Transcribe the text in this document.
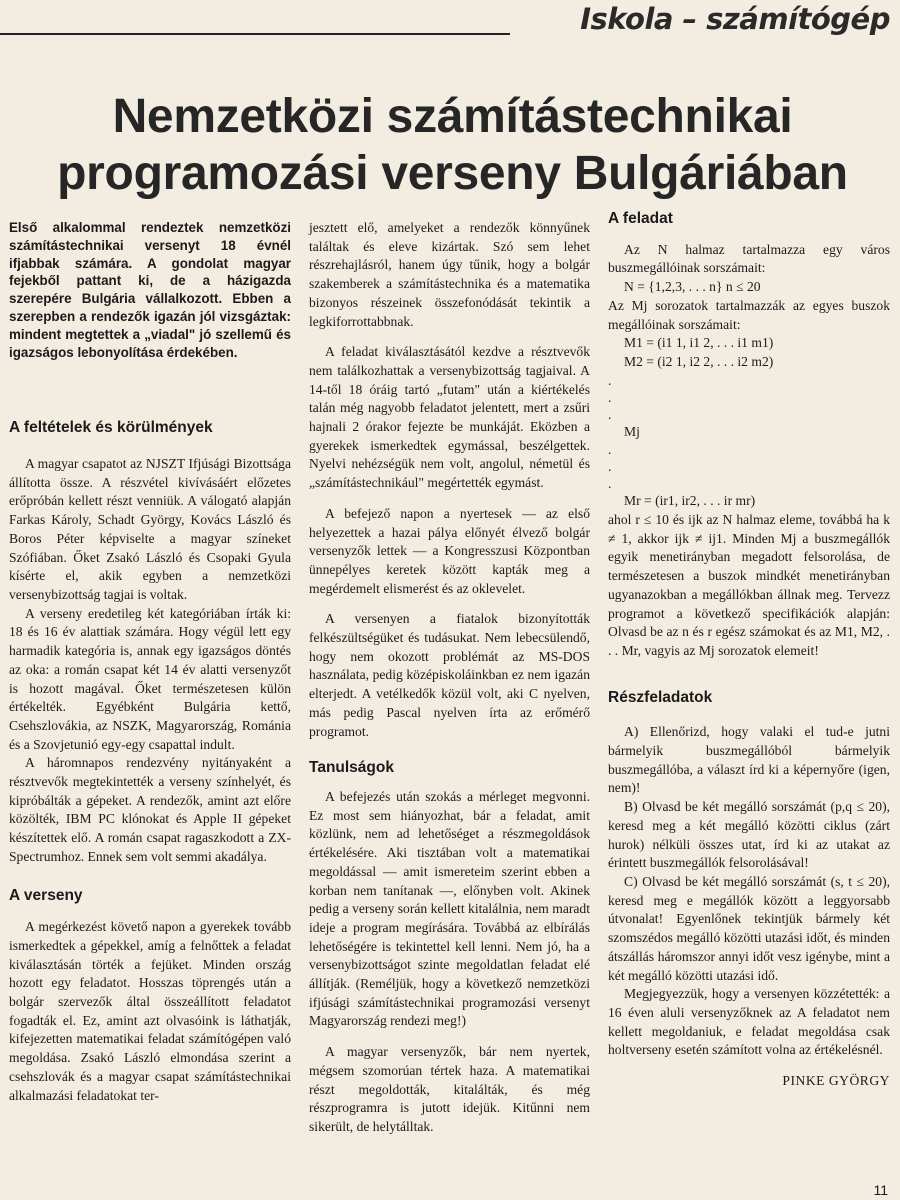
Iskola – számítógép
Nemzetközi számítástechnikai
programozási verseny Bulgáriában

Első alkalommal rendeztek nemzetközi számítástechnikai versenyt 18 évnél ifjabbak számára. A gondolat magyar fejekből pattant ki, de a házigazda szerepére Bulgária vállalkozott. Ebben a szerepben a rendezők igazán jól vizsgáztak: mindent megtettek a „viadal" jó szellemű és igazságos lebonyolítása érdekében.

A feltételek és körülmények

A magyar csapatot az NJSZT Ifjúsági Bizottsága állította össze. A részvétel kivívásáért előzetes erőpróbán kellett részt venniük. A válogató alapján Farkas Károly, Schadt György, Kovács László és Boros Péter képviselte a magyar színeket Szófiában. Őket Zsakó László és Csopaki Gyula kísérte el, akik egyben a nemzetközi versenybizottság tagjai is voltak.

A verseny eredetileg két kategóriában írták ki: 18 és 16 év alattiak számára. Hogy végül lett egy harmadik kategória is, annak egy igazságos döntés az oka: a román csapat két 14 év alatti versenyzőt is hozott magával. Őket természetesen külön értékelték. Egyébként Bulgária kettő, Csehszlovákia, az NSZK, Magyarország, Románia és a Szovjetunió egy-egy csapattal indult.

A háromnapos rendezvény nyitányaként a résztvevők megtekintették a verseny színhelyét, és kipróbálták a gépeket. A rendezők, amint azt előre közölték, IBM PC klónokat és Apple II gépeket készítettek elő. A román csapat ragaszkodott a ZX-Spectrumhoz. Ennek sem volt semmi akadálya.

A verseny

A megérkezést követő napon a gyerekek tovább ismerkedtek a gépekkel, amíg a felnőttek a feladat kiválasztásán törték a fejüket. Minden ország hozott egy feladatot. Hosszas töprengés után a bolgár szervezők által összeállított feladatot fogadták el. Ez, amint azt olvasóink is láthatják, kifejezetten matematikai feladat számítógépen való megoldása. Zsakó László elmondása szerint a csehszlovák és a magyar csapat számítástechnikai alkalmazási feladatokat ter-

jesztett elő, amelyeket a rendezők könnyűnek találtak és eleve kizártak. Szó sem lehet részrehajlásról, hanem úgy tűnik, hogy a bolgár szakemberek a számítástechnika és a matematika bizonyos részeinek összefonódását tekintik a legkiforrottabbnak.

A feladat kiválasztásától kezdve a résztvevők nem találkozhattak a versenybizottság tagjaival. A 14-től 18 óráig tartó „futam" után a kiértékelés talán még nagyobb feladatot jelentett, mert a zsűri hajnali 2 órakor fejezte be munkáját. Eközben a gyerekek ismerkedtek egymással, beszélgettek. Nyelvi nehézségük nem volt, angolul, németül és „számítástechnikául" megértették egymást.

A befejező napon a nyertesek — az első helyezettek a hazai pálya előnyét élvező bolgár versenyzők lettek — a Kongresszusi Központban ünnepélyes keretek között kapták meg a megérdemelt elismerést és az oklevelet.

A versenyen a fiatalok bizonyították felkészültségüket és tudásukat. Nem lebecsülendő, hogy nem okozott problémát az MS-DOS használata, pedig középiskoláinkban ez nem igazán elterjedt. A vetélkedők közül volt, aki C nyelven, más pedig Pascal nyelven írta az erőmérő programot.

Tanulságok

A befejezés után szokás a mérleget megvonni. Ez most sem hiányozhat, bár a feladat, amit közlünk, nem ad lehetőséget a részmegoldások értékelésére. Aki tisztában volt a matematikai megoldással — amit ismereteim szerint ebben a korban nem tanítanak —, előnyben volt. Akinek pedig a verseny során kellett kitalálnia, nem maradt ideje a program megírására. Továbbá az elbírálás lehetőségére is tekintettel kell lenni. Nem jó, ha a versenybizottságot szinte megoldatlan feladat elé állítják. (Reméljük, hogy a következő nemzetközi ifjúsági számítástechnikai programozási versenyt Magyarország rendezi meg!)

A magyar versenyzők, bár nem nyertek, mégsem szomorúan tértek haza. A matematikai részt megoldották, kitalálták, és még részprogramra is jutott idejük. Kitűnni nem sikerült, de helytálltak.

A feladat

Az N halmaz tartalmazza egy város buszmegállóinak sorszámait:

N = {1,2,3, . . . n} n ≤ 20

Az Mj sorozatok tartalmazzák az egyes buszok megállóinak sorszámait:

M1 = (i1 1, i1 2, . . . i1 m1)

M2 = (i2 1, i2 2, . . . i2 m2)

.
.
.

Mj

.
.
.

Mr = (ir1, ir2, . . . ir mr)

ahol r ≤ 10 és ijk az N halmaz eleme, továbbá ha k ≠ 1, akkor ijk ≠ ij1. Minden Mj a buszmegállók egyik menetirányban megadott felsorolása, de természetesen a buszok mindkét menetirányban ugyanazokban a megállókban állnak meg. Tervezz programot a következő specifikációk alapján: Olvasd be az n és r egész számokat és az M1, M2, . . . Mr, vagyis az Mj sorozatok elemeit!

Részfeladatok

A) Ellenőrizd, hogy valaki el tud-e jutni bármelyik buszmegállóból bármelyik buszmegállóba, a választ írd ki a képernyőre (igen, nem)!

B) Olvasd be két megálló sorszámát (p,q ≤ 20), keresd meg a két megálló közötti ciklus (zárt hurok) nélküli összes utat, írd ki az utakat az érintett buszmegállók felsorolásával!

C) Olvasd be két megálló sorszámát (s, t ≤ 20), keresd meg e megállók között a leggyorsabb útvonalat! Egyenlőnek tekintjük bármely két szomszédos megálló közötti utazási időt, és minden átszállás háromszor annyi időt vesz igénybe, mint a két megálló közötti utazási idő.

Megjegyezzük, hogy a versenyen közzétették: a 16 éven aluli versenyzőknek az A feladatot nem kellett megoldaniuk, e feladat megoldása csak holtverseny esetén számított volna az értékelésnél.

PINKE GYÖRGY
11
